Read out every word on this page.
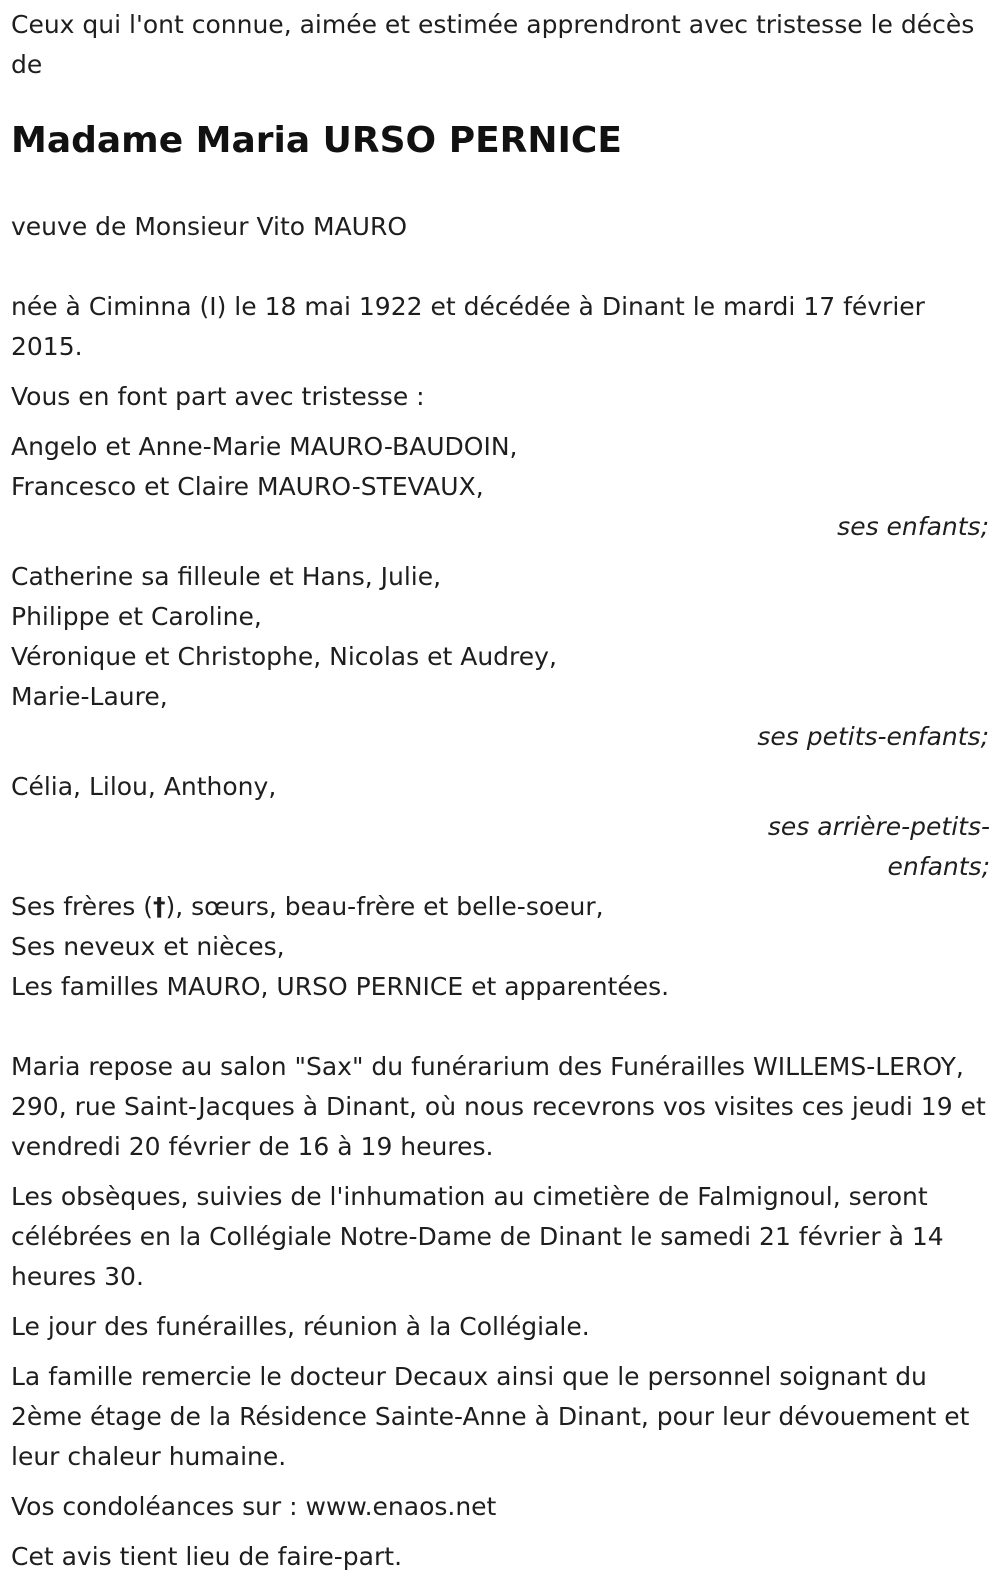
Ceux qui l'ont connue, aimée et estimée apprendront avec tristesse le décès de

Madame Maria URSO PERNICE

veuve de Monsieur Vito MAURO

née à Ciminna (I) le 18 mai 1922 et décédée à Dinant le mardi 17 février 2015.

Vous en font part avec tristesse :

Angelo et Anne-Marie MAURO-BAUDOIN,

Francesco et Claire MAURO-STEVAUX,

ses enfants;

Catherine sa filleule et Hans, Julie,

Philippe et Caroline,

Véronique et Christophe, Nicolas et Audrey,

Marie-Laure,

ses petits-enfants;

Célia, Lilou, Anthony,

ses arrière-petits-enfants;

Ses frères (†), sœurs, beau-frère et belle-soeur,

Ses neveux et nièces,

Les familles MAURO, URSO PERNICE et apparentées.

Maria repose au salon "Sax" du funérarium des Funérailles WILLEMS-LEROY, 290, rue Saint-Jacques à Dinant, où nous recevrons vos visites ces jeudi 19 et vendredi 20 février de 16 à 19 heures.

Les obsèques, suivies de l'inhumation au cimetière de Falmignoul, seront célébrées en la Collégiale Notre-Dame de Dinant le samedi 21 février à 14 heures 30.

Le jour des funérailles, réunion à la Collégiale.

La famille remercie le docteur Decaux ainsi que le personnel soignant du 2ème étage de la Résidence Sainte-Anne à Dinant, pour leur dévouement et leur chaleur humaine.

Vos condoléances sur : www.enaos.net

Cet avis tient lieu de faire-part.
